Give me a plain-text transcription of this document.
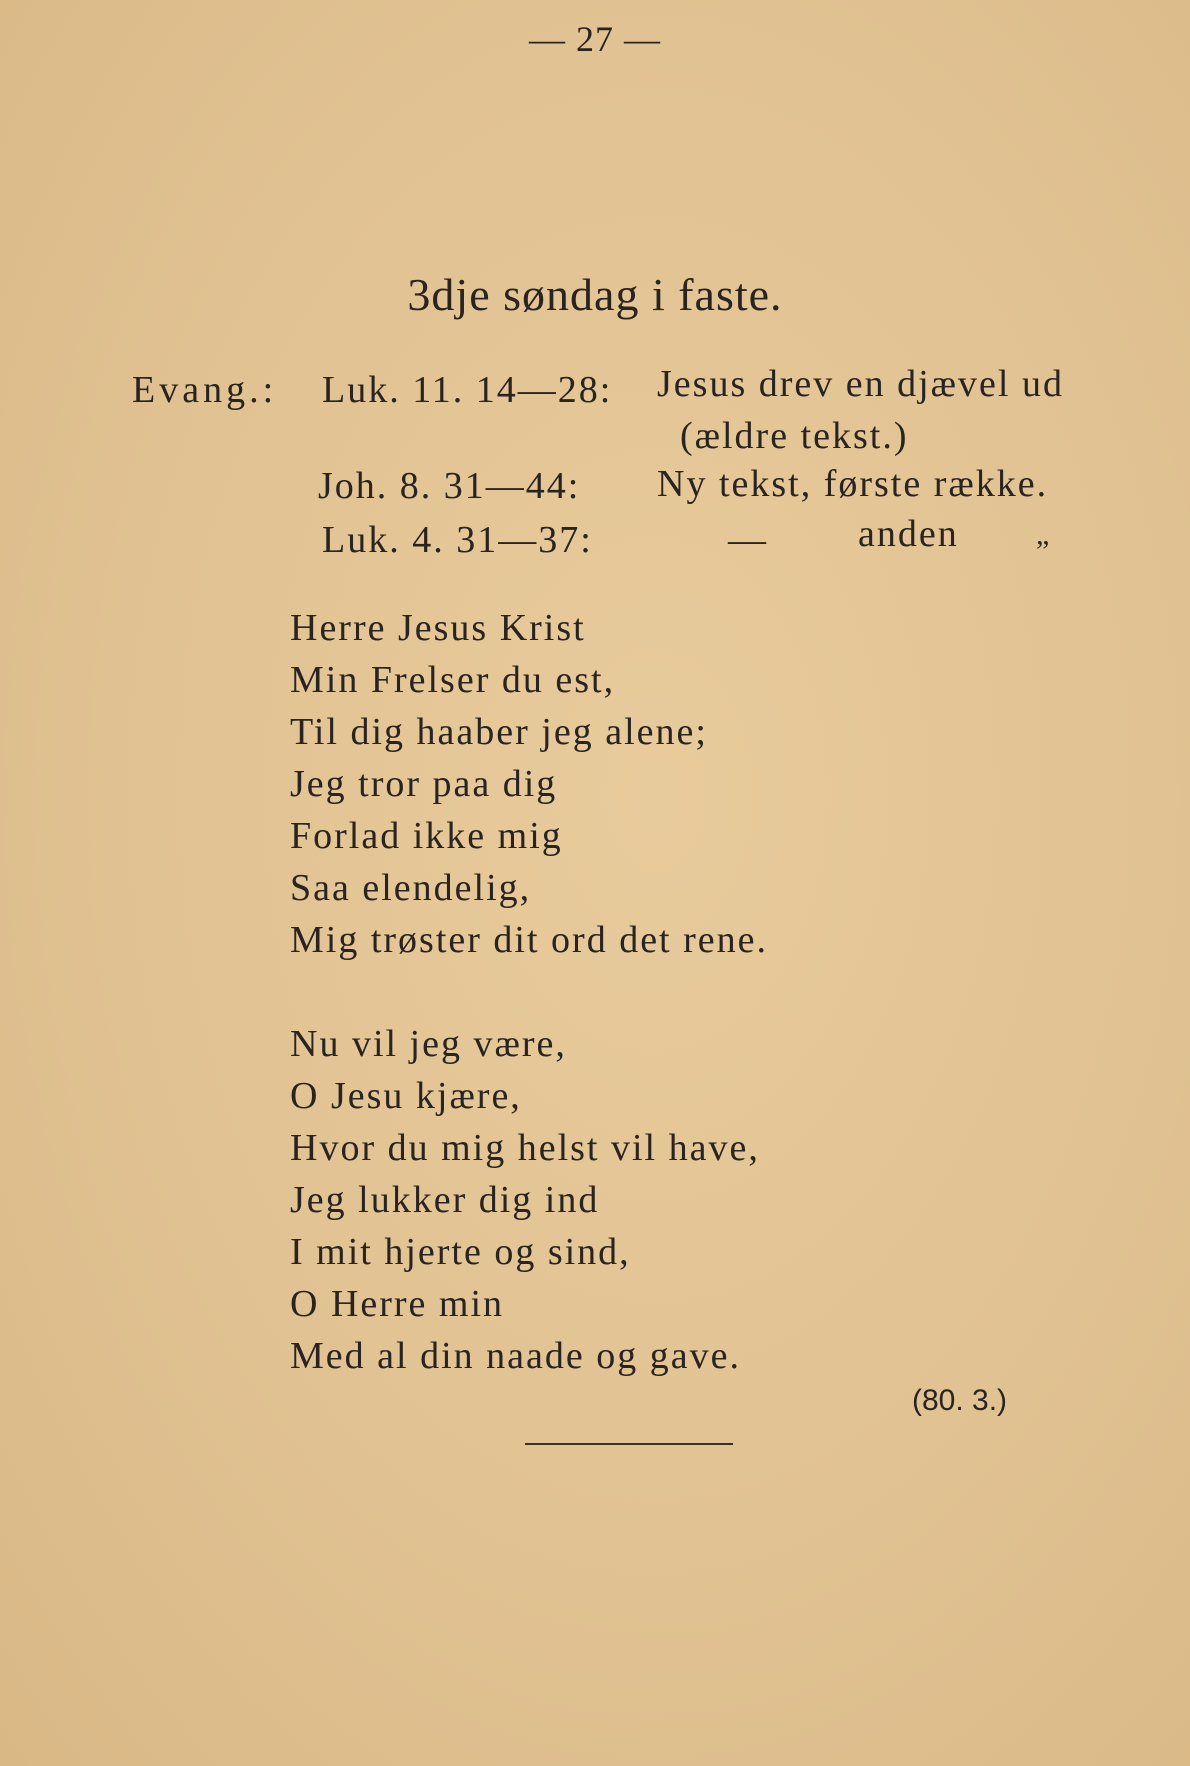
— 27 —
3dje søndag i faste.
Evang.: Luk. 11. 14—28: Jesus drev en djævel ud
(ældre tekst.)
Joh. 8. 31—44: Ny tekst, første række.
Luk. 4. 31—37:	— anden	„
Herre Jesus Krist
Min Frelser du est,
Til dig haaber jeg alene;
Jeg tror paa dig
Forlad ikke mig
Saa elendelig,
Mig trøster dit ord det rene.
Nu vil jeg være,
O Jesu kjære,
Hvor du mig helst vil have,
Jeg lukker dig ind
I mit hjerte og sind,
O Herre min
Med al din naade og gave.
(80. 3.)
